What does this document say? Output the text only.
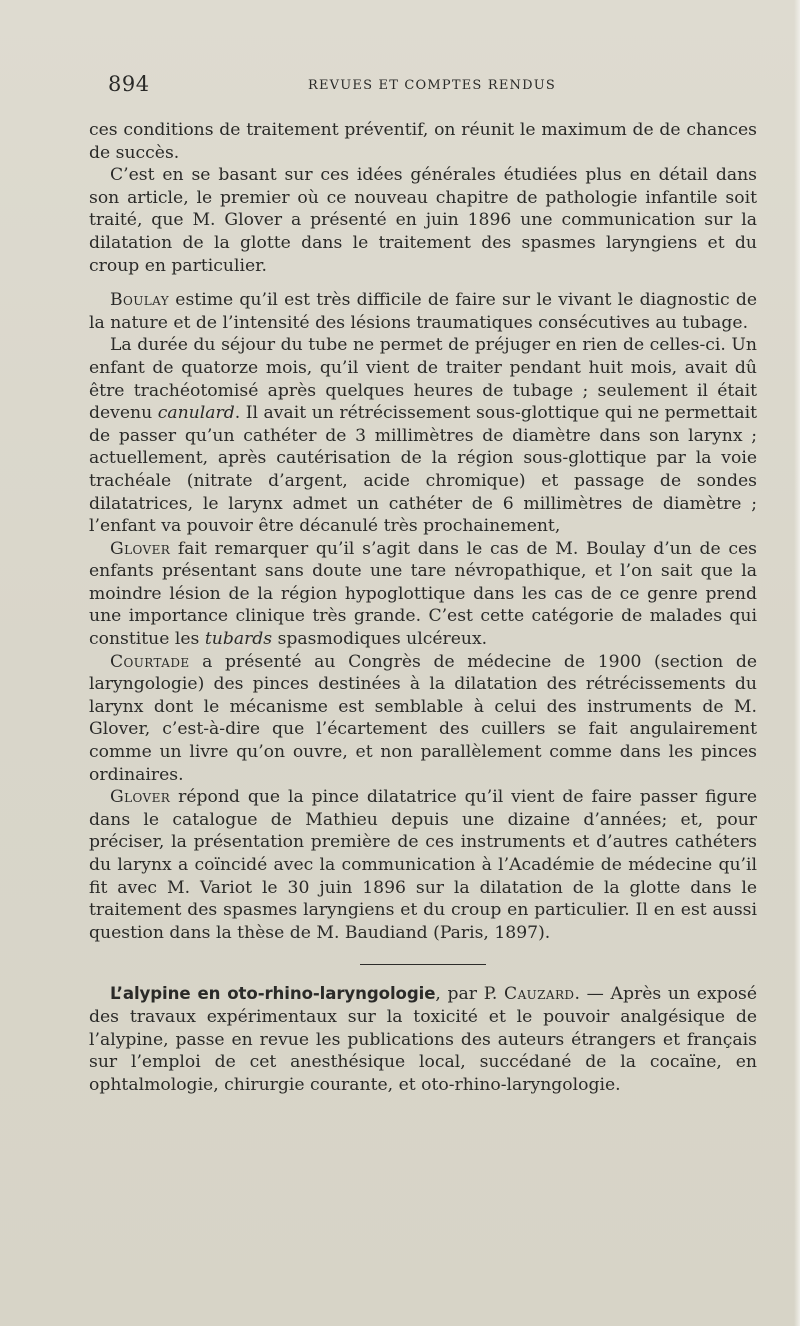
894	REVUES ET COMPTES RENDUS

ces conditions de traitement préventif, on réunit le maximum de de chances de succès.

C’est en se basant sur ces idées générales étudiées plus en détail dans son article, le premier où ce nouveau chapitre de pathologie infantile soit traité, que M. Glover a présenté en juin 1896 une communication sur la dilatation de la glotte dans le traitement des spasmes laryngiens et du croup en particulier.

Boulay estime qu’il est très difficile de faire sur le vivant le diagnostic de la nature et de l’intensité des lésions traumatiques consécutives au tubage.

La durée du séjour du tube ne permet de préjuger en rien de celles-ci. Un enfant de quatorze mois, qu’il vient de traiter pendant huit mois, avait dû être trachéotomisé après quelques heures de tubage ; seulement il était devenu canulard. Il avait un rétrécissement sous-glottique qui ne permettait de passer qu’un cathéter de 3 millimètres de diamètre dans son larynx ; actuellement, après cautérisation de la région sous-glottique par la voie trachéale (nitrate d’argent, acide chromique) et passage de sondes dilatatrices, le larynx admet un cathéter de 6 millimètres de diamètre ; l’enfant va pouvoir être décanulé très prochainement,

Glover fait remarquer qu’il s’agit dans le cas de M. Boulay d’un de ces enfants présentant sans doute une tare névropathique, et l’on sait que la moindre lésion de la région hypoglottique dans les cas de ce genre prend une importance clinique très grande. C’est cette catégorie de malades qui constitue les tubards spasmodiques ulcéreux.

Courtade a présenté au Congrès de médecine de 1900 (section de laryngologie) des pinces destinées à la dilatation des rétrécissements du larynx dont le mécanisme est semblable à celui des instruments de M. Glover, c’est-à-dire que l’écartement des cuillers se fait angulairement comme un livre qu’on ouvre, et non parallèlement comme dans les pinces ordinaires.

Glover répond que la pince dilatatrice qu’il vient de faire passer figure dans le catalogue de Mathieu depuis une dizaine d’années; et, pour préciser, la présentation première de ces instruments et d’autres cathéters du larynx a coïncidé avec la communication à l’Académie de médecine qu’il fit avec M. Variot le 30 juin 1896 sur la dilatation de la glotte dans le traitement des spasmes laryngiens et du croup en particulier. Il en est aussi question dans la thèse de M. Baudiand (Paris, 1897).

L’alypine en oto-rhino-laryngologie, par P. Cauzard. — Après un exposé des travaux expérimentaux sur la toxicité et le pouvoir analgésique de l’alypine, passe en revue les publications des auteurs étrangers et français sur l’emploi de cet anesthésique local, succédané de la cocaïne, en ophtalmologie, chirurgie courante, et oto-rhino-laryngologie.
